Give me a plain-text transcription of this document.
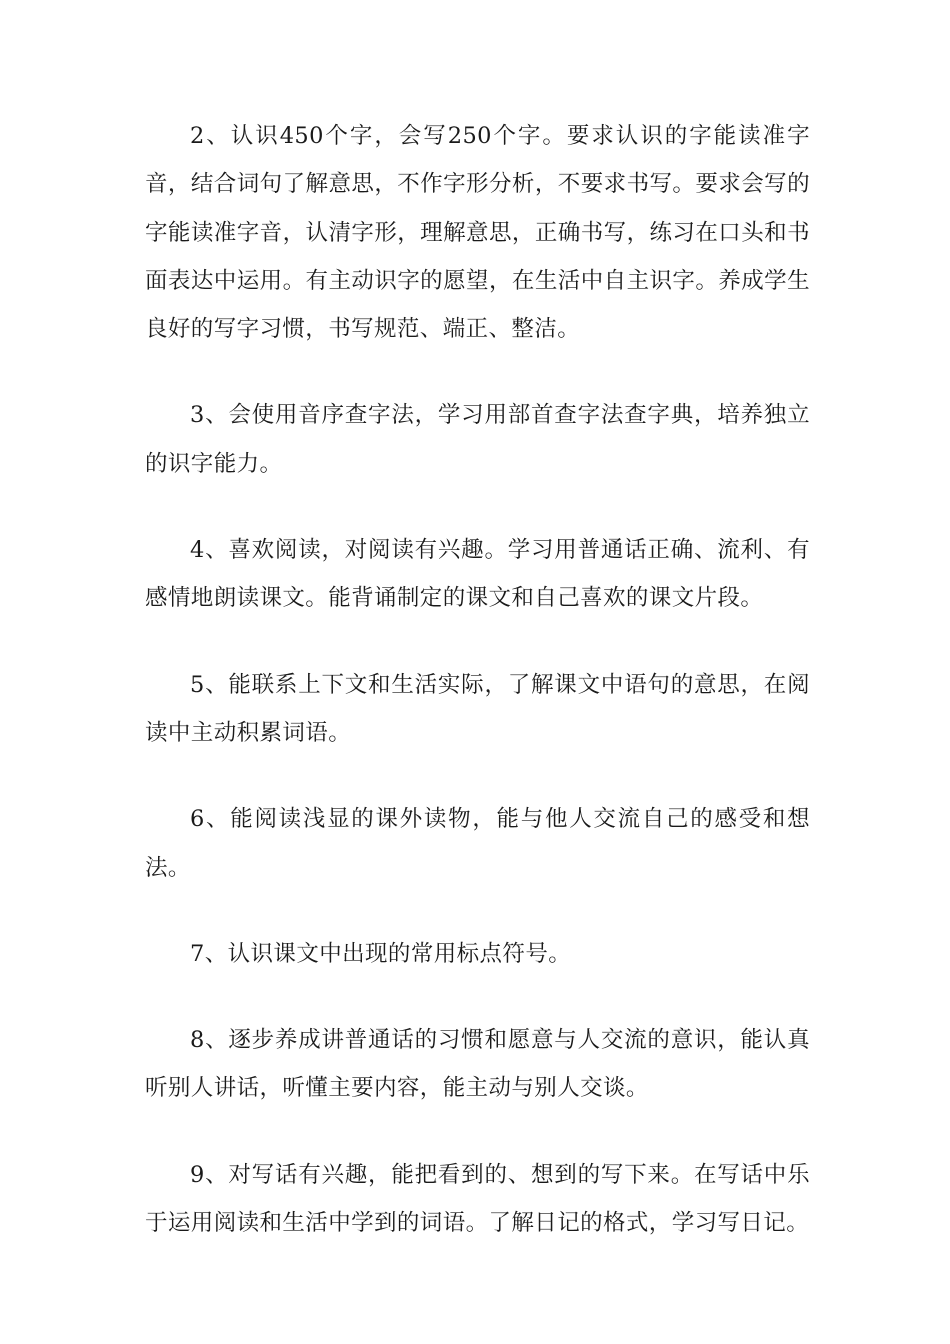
2、认识450个字，会写250个字。要求认识的字能读准字音，结合词句了解意思，不作字形分析，不要求书写。要求会写的字能读准字音，认清字形，理解意思，正确书写，练习在口头和书面表达中运用。有主动识字的愿望，在生活中自主识字。养成学生良好的写字习惯，书写规范、端正、整洁。

3、会使用音序查字法，学习用部首查字法查字典，培养独立的识字能力。

4、喜欢阅读，对阅读有兴趣。学习用普通话正确、流利、有感情地朗读课文。能背诵制定的课文和自己喜欢的课文片段。

5、能联系上下文和生活实际，了解课文中语句的意思，在阅读中主动积累词语。

6、能阅读浅显的课外读物，能与他人交流自己的感受和想法。

7、认识课文中出现的常用标点符号。

8、逐步养成讲普通话的习惯和愿意与人交流的意识，能认真听别人讲话，听懂主要内容，能主动与别人交谈。

9、对写话有兴趣，能把看到的、想到的写下来。在写话中乐于运用阅读和生活中学到的词语。了解日记的格式，学习写日记。
